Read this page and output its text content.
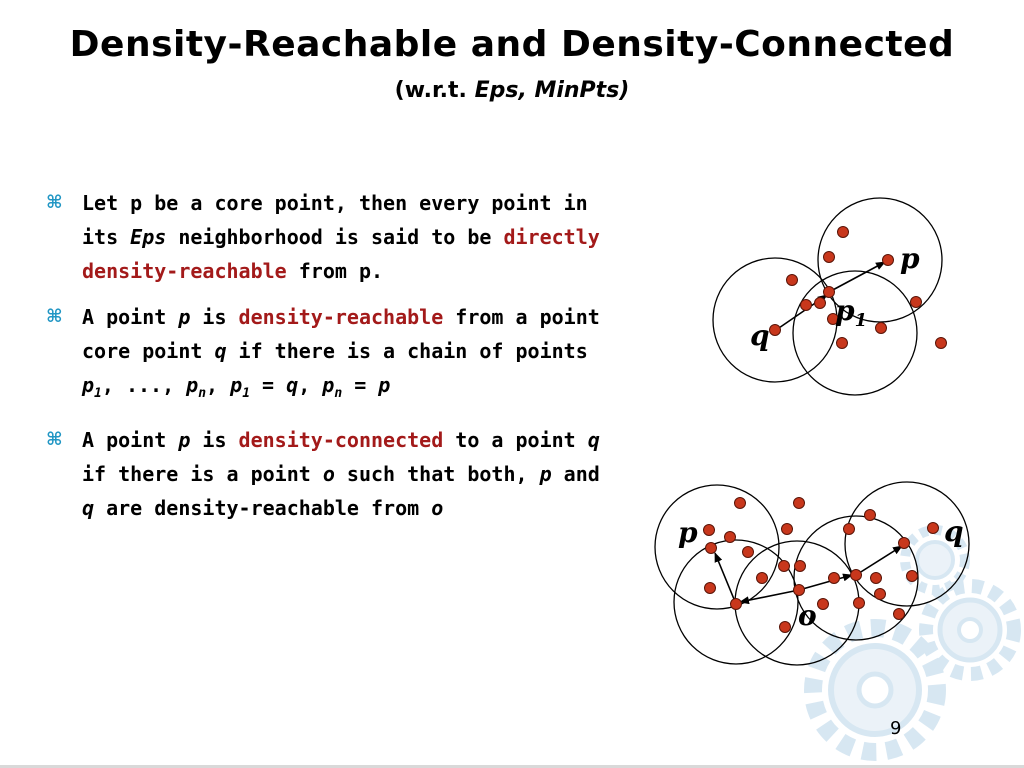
Density-Reachable and Density-Connected
(w.r.t. Eps, MinPts)
⌘ Let p be a core point, then every point in its Eps neighborhood is said to be directly density-reachable from p.
⌘ A point p is density-reachable from a point core point q if there is a chain of points $p_1$, ..., $p_n$, $p_1 = q$, $p_n = p$
⌘ A point p is density-connected to a point q if there is a point o such that both, p and q are density-reachable from o
p
$p_1$
q
p	q
o
9
